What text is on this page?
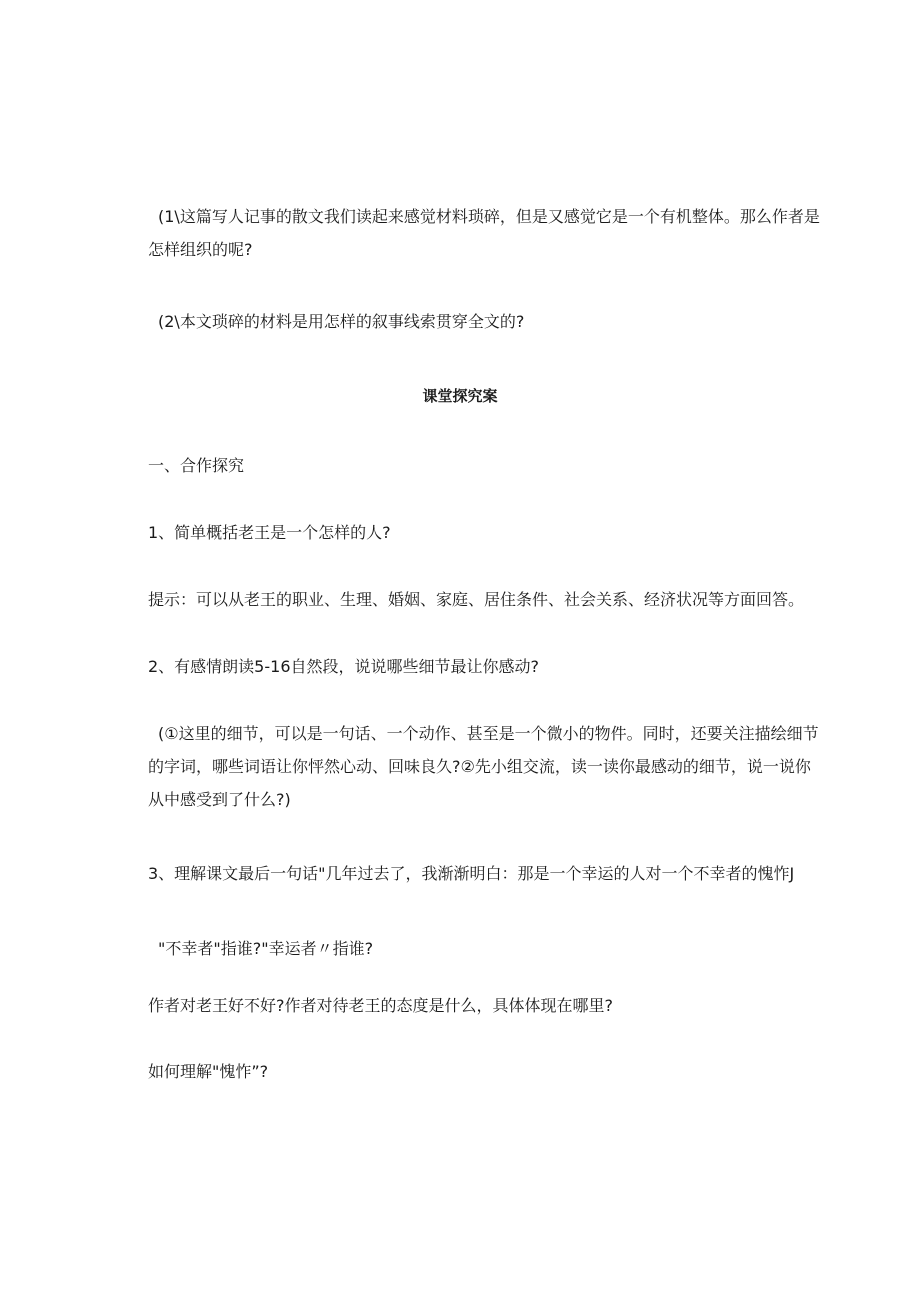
(1\这篇写人记事的散文我们读起来感觉材料琐碎，但是又感觉它是一个有机整体。那么作者是怎样组织的呢?
(2\本文琐碎的材料是用怎样的叙事线索贯穿全文的?
课堂探究案
一、合作探究
1、简单概括老王是一个怎样的人?
提示：可以从老王的职业、生理、婚姻、家庭、居住条件、社会关系、经济状况等方面回答。
2、有感情朗读5-16自然段，说说哪些细节最让你感动?
(①这里的细节，可以是一句话、一个动作、甚至是一个微小的物件。同时，还要关注描绘细节的字词，哪些词语让你怦然心动、回味良久?②先小组交流，读一读你最感动的细节，说一说你从中感受到了什么?)
3、理解课文最后一句话"几年过去了，我渐渐明白：那是一个幸运的人对一个不幸者的愧怍J
"不幸者"指谁?"幸运者〃指谁?
作者对老王好不好?作者对待老王的态度是什么，具体体现在哪里?
如何理解"愧怍”?
